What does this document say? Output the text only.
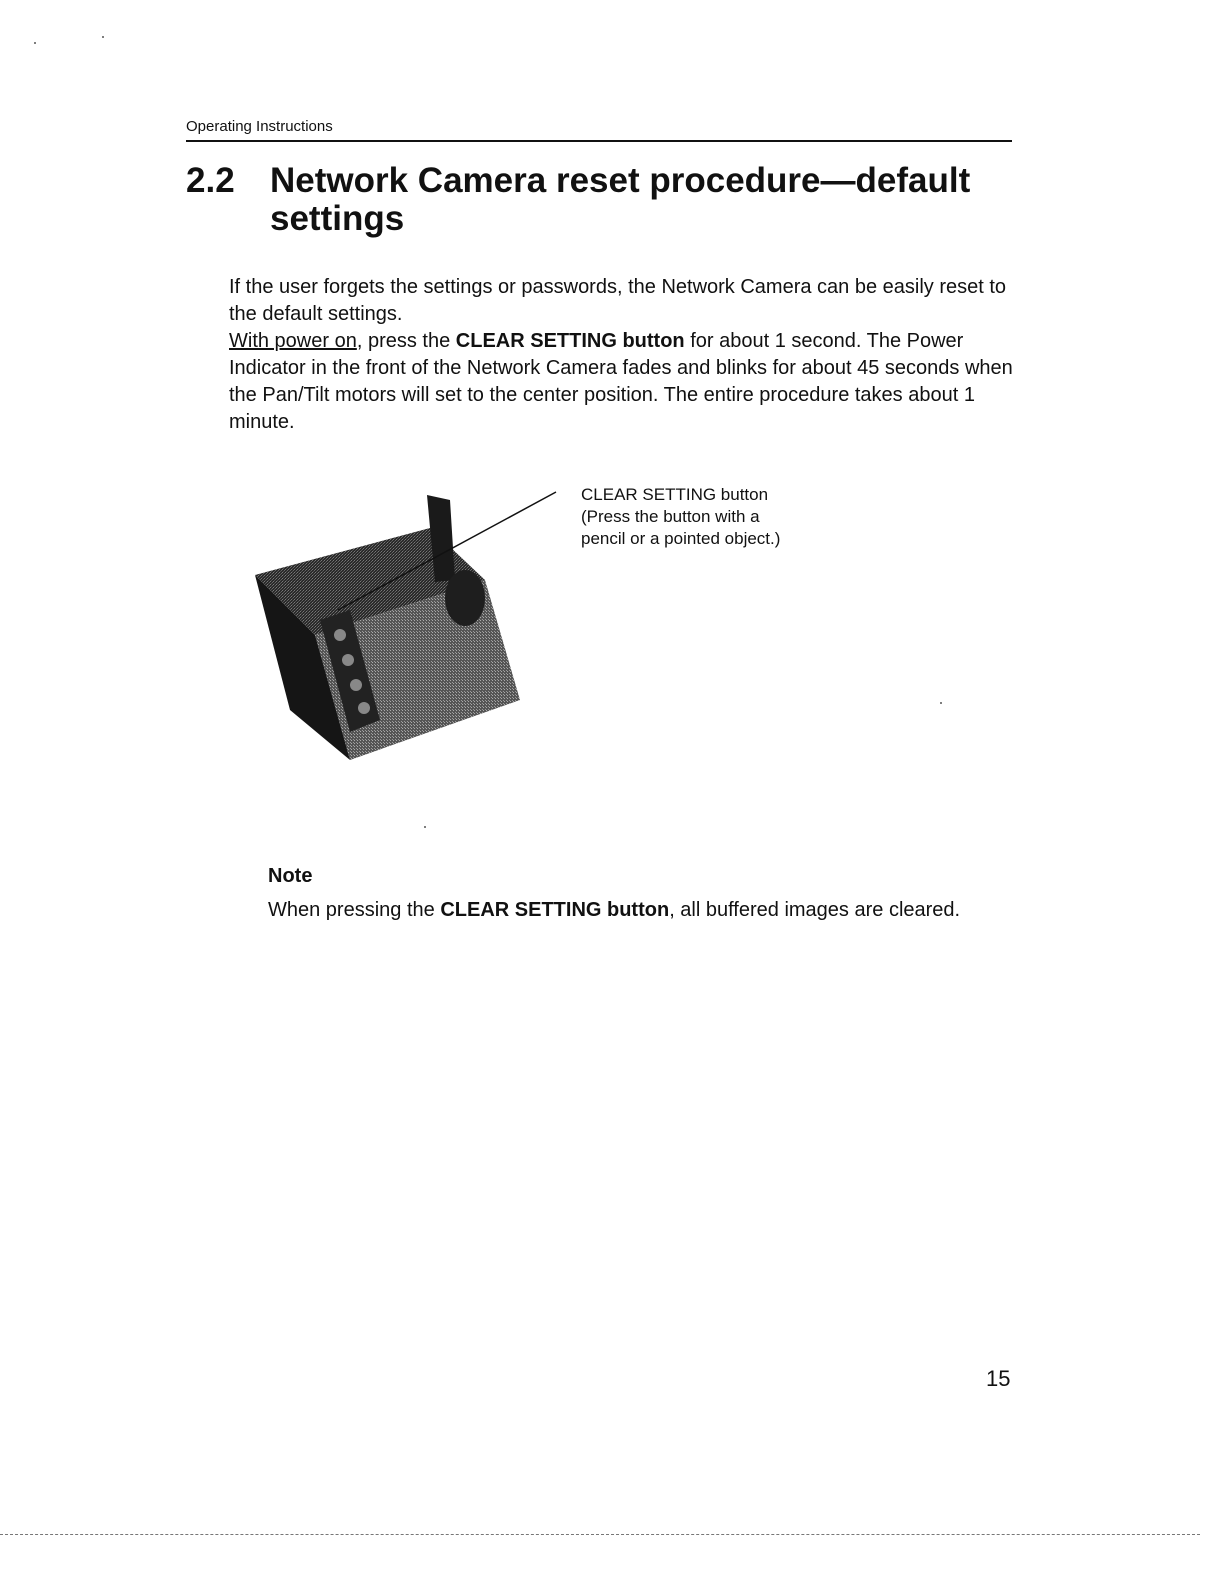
Operating Instructions
2.2 Network Camera reset procedure—default settings

If the user forgets the settings or passwords, the Network Camera can be easily reset to the default settings.

With power on, press the CLEAR SETTING button for about 1 second. The Power Indicator in the front of the Network Camera fades and blinks for about 45 seconds when the Pan/Tilt motors will set to the center position. The entire procedure takes about 1 minute.

CLEAR SETTING button
(Press the button with a
pencil or a pointed object.)
Note
When pressing the CLEAR SETTING button, all buffered images are cleared.
15
